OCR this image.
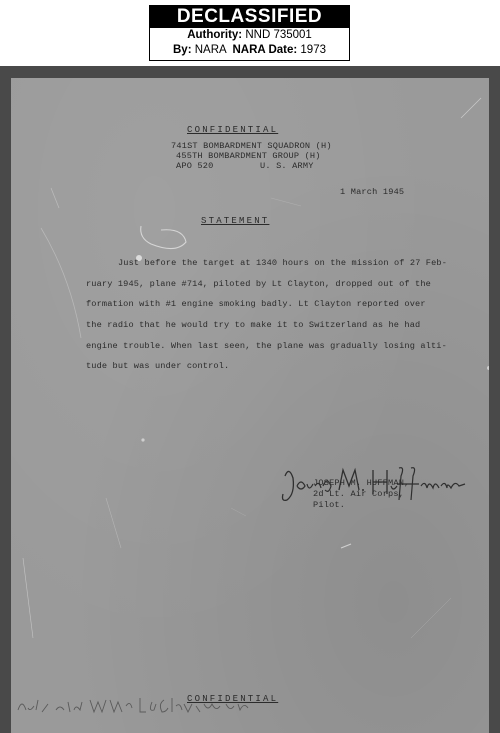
DECLASSIFIED
Authority: NND 735001
By: NARA NARA Date: 1973
CONFIDENTIAL
741ST BOMBARDMENT SQUADRON (H)
455TH BOMBARDMENT GROUP (H)
APO 520	U. S. ARMY
1 March 1945
STATEMENT
Just before the target at 1340 hours on the mission of 27 Feb-
ruary 1945, plane #714, piloted by Lt Clayton, dropped out of the
formation with #1 engine smoking badly. Lt Clayton reported over
the radio that he would try to make it to Switzerland as he had
engine trouble. When last seen, the plane was gradually losing alti-
tude but was under control.
JOSEPH M. HUFFMAN,
2d Lt. Air Corps,
Pilot.
CONFIDENTIAL
